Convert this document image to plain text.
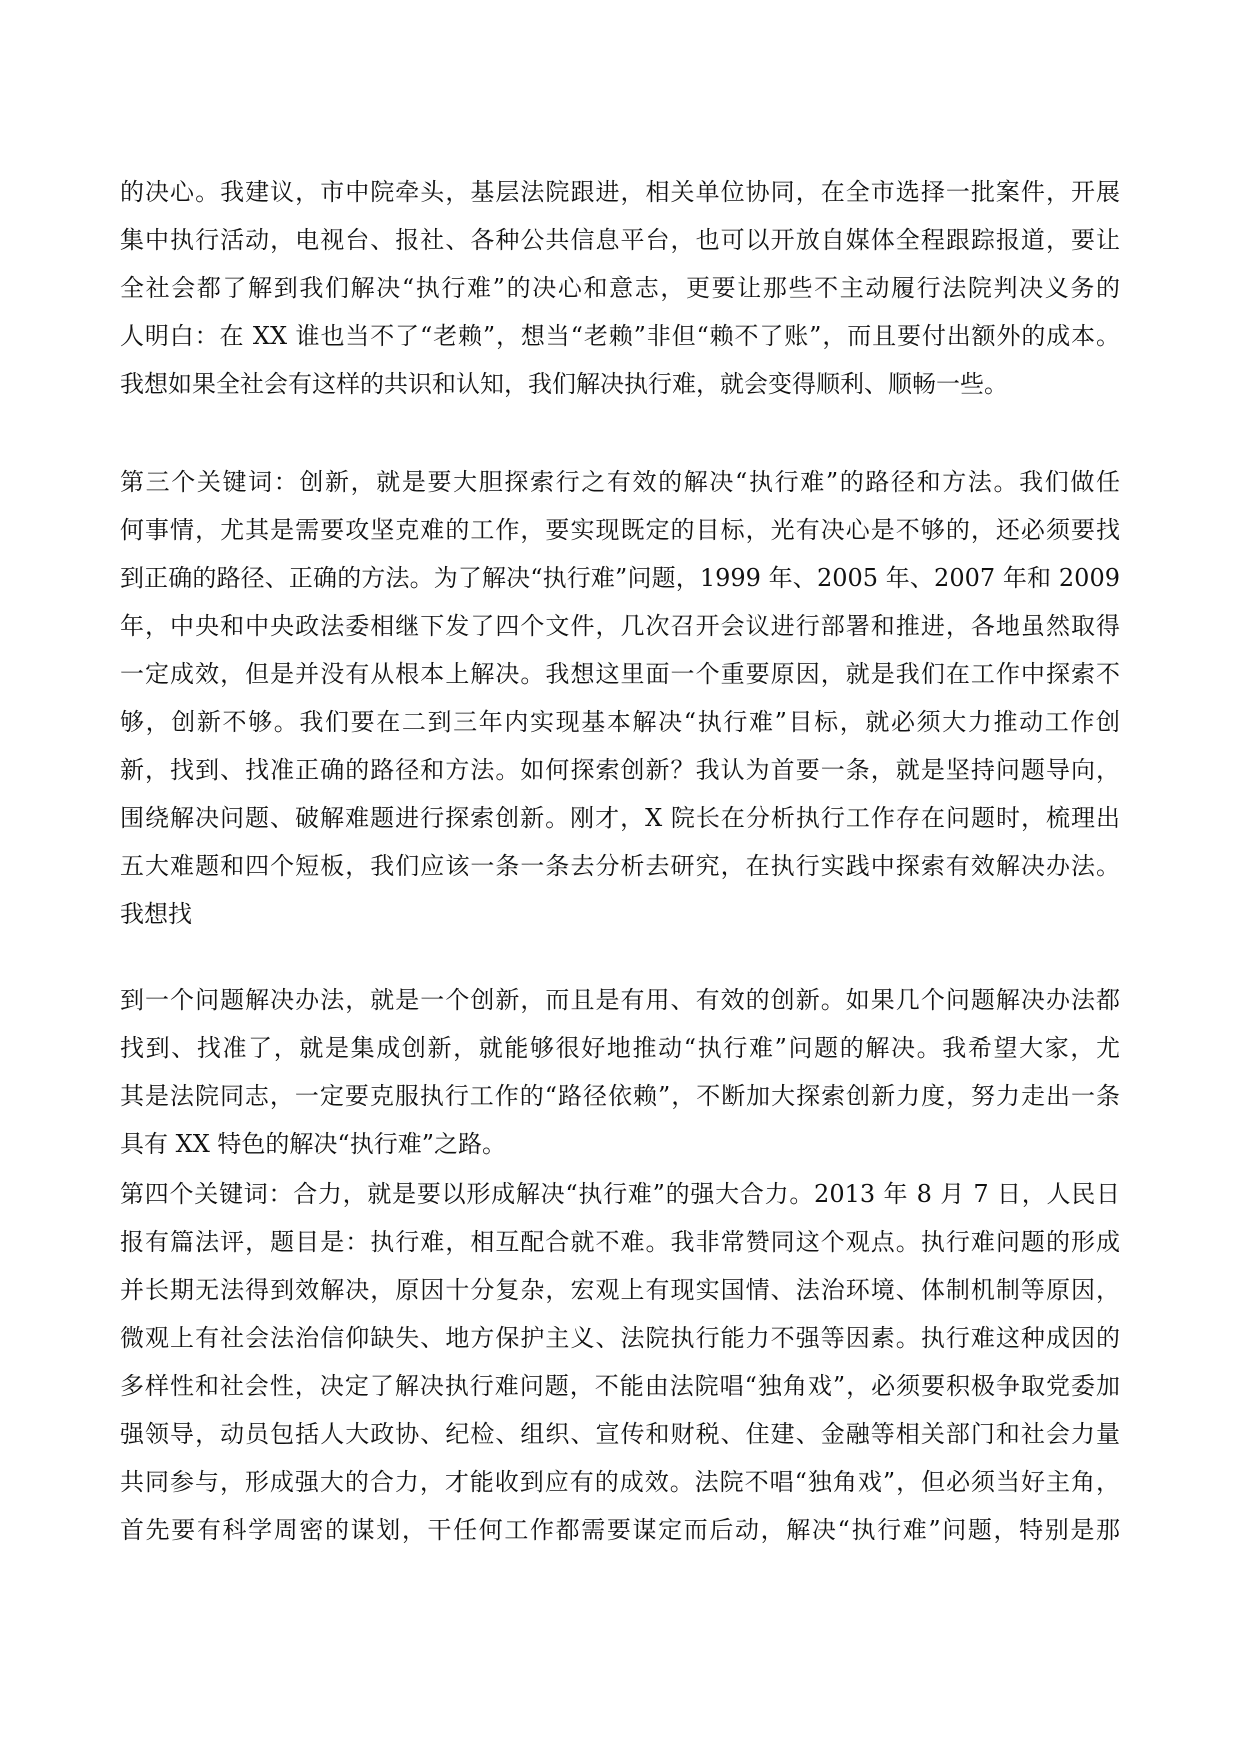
的决心。我建议，市中院牵头，基层法院跟进，相关单位协同，在全市选择一批案件，开展
集中执行活动，电视台、报社、各种公共信息平台，也可以开放自媒体全程跟踪报道，要让
全社会都了解到我们解决“执行难”的决心和意志，更要让那些不主动履行法院判决义务的
人明白：在 XX 谁也当不了“老赖”，想当“老赖”非但“赖不了账”，而且要付出额外的成本。
我想如果全社会有这样的共识和认知，我们解决执行难，就会变得顺利、顺畅一些。
第三个关键词：创新，就是要大胆探索行之有效的解决“执行难”的路径和方法。我们做任
何事情，尤其是需要攻坚克难的工作，要实现既定的目标，光有决心是不够的，还必须要找
到正确的路径、正确的方法。为了解决“执行难”问题，1999 年、2005 年、2007 年和 2009
年，中央和中央政法委相继下发了四个文件，几次召开会议进行部署和推进，各地虽然取得
一定成效，但是并没有从根本上解决。我想这里面一个重要原因，就是我们在工作中探索不
够，创新不够。我们要在二到三年内实现基本解决“执行难”目标，就必须大力推动工作创
新，找到、找准正确的路径和方法。如何探索创新？我认为首要一条，就是坚持问题导向，
围绕解决问题、破解难题进行探索创新。刚才，X 院长在分析执行工作存在问题时，梳理出
五大难题和四个短板，我们应该一条一条去分析去研究，在执行实践中探索有效解决办法。
我想找
到一个问题解决办法，就是一个创新，而且是有用、有效的创新。如果几个问题解决办法都
找到、找准了，就是集成创新，就能够很好地推动“执行难”问题的解决。我希望大家，尤
其是法院同志，一定要克服执行工作的“路径依赖”，不断加大探索创新力度，努力走出一条
具有 XX 特色的解决“执行难”之路。
第四个关键词：合力，就是要以形成解决“执行难”的强大合力。2013 年 8 月 7 日，人民日
报有篇法评，题目是：执行难，相互配合就不难。我非常赞同这个观点。执行难问题的形成
并长期无法得到效解决，原因十分复杂，宏观上有现实国情、法治环境、体制机制等原因，
微观上有社会法治信仰缺失、地方保护主义、法院执行能力不强等因素。执行难这种成因的
多样性和社会性，决定了解决执行难问题，不能由法院唱“独角戏”，必须要积极争取党委加
强领导，动员包括人大政协、纪检、组织、宣传和财税、住建、金融等相关部门和社会力量
共同参与，形成强大的合力，才能收到应有的成效。法院不唱“独角戏”，但必须当好主角，
首先要有科学周密的谋划，干任何工作都需要谋定而后动，解决“执行难”问题，特别是那
